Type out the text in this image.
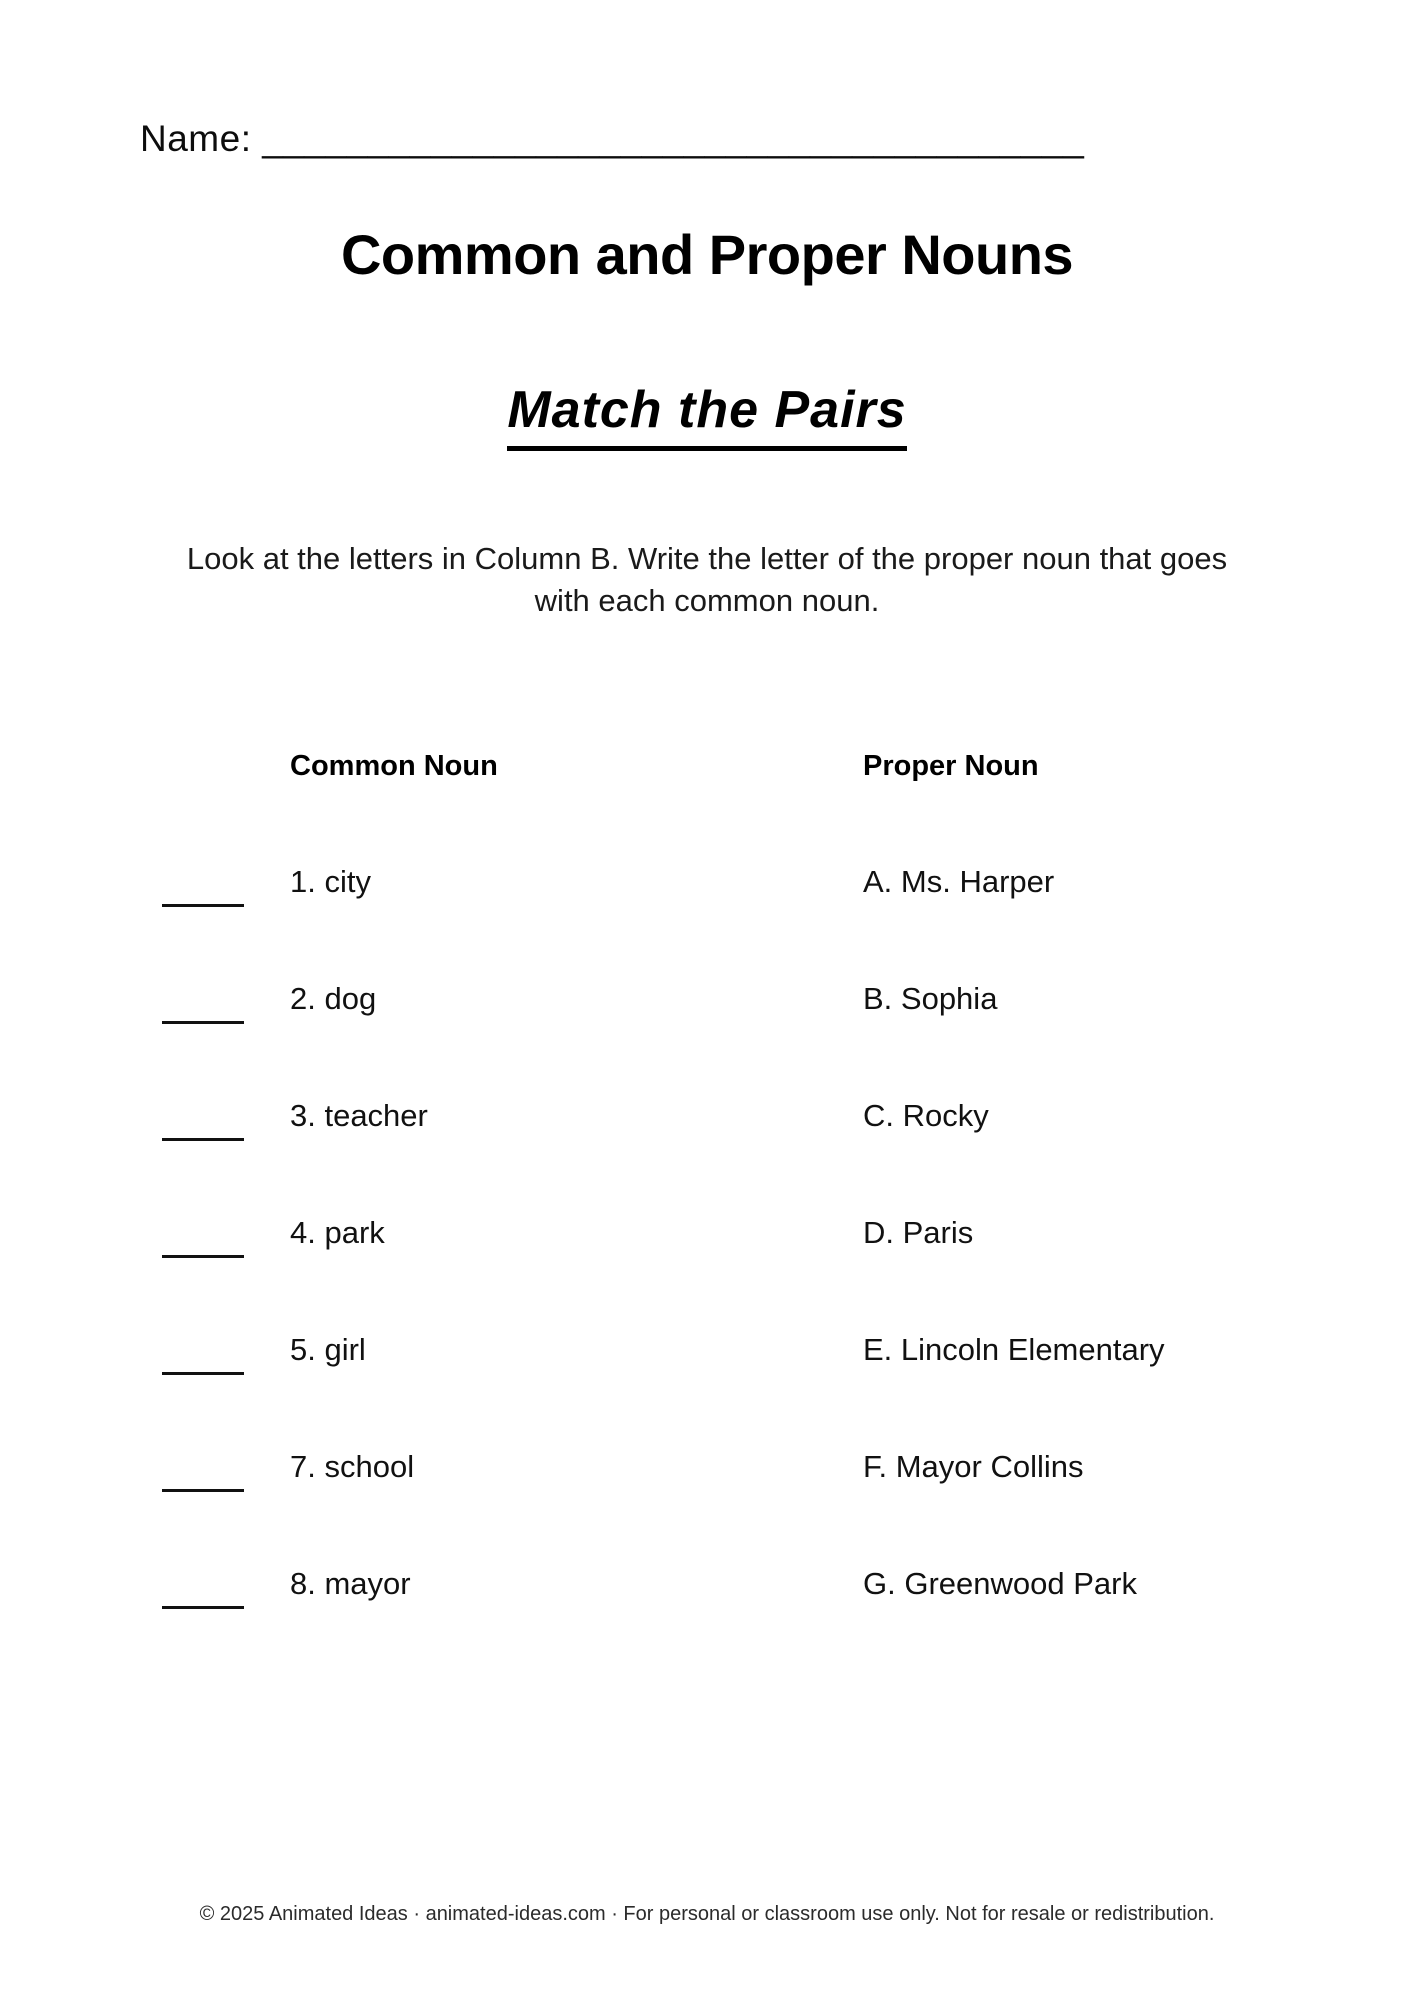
Name: _______________________________________
Common and Proper Nouns
Match the Pairs
Look at the letters in Column B. Write the letter of the proper noun that goes with each common noun.
Common Noun	Proper Noun
1. city	A. Ms. Harper
2. dog	B. Sophia
3. teacher	C. Rocky
4. park	D. Paris
5. girl	E. Lincoln Elementary
7. school	F. Mayor Collins
8. mayor	G. Greenwood Park
© 2025 Animated Ideas · animated-ideas.com · For personal or classroom use only. Not for resale or redistribution.
